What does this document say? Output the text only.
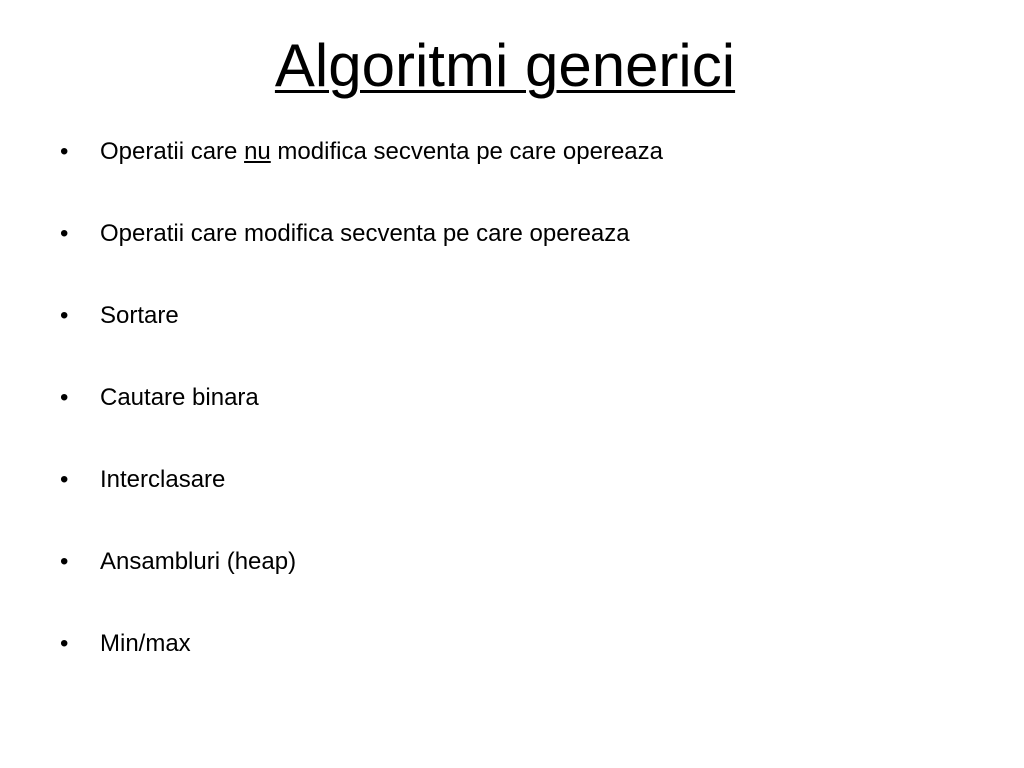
Algoritmi generici
•	Operatii care nu modifica secventa pe care opereaza
•	Operatii care modifica secventa pe care opereaza
•	Sortare
•	Cautare binara
•	Interclasare
•	Ansambluri (heap)
•	Min/max
